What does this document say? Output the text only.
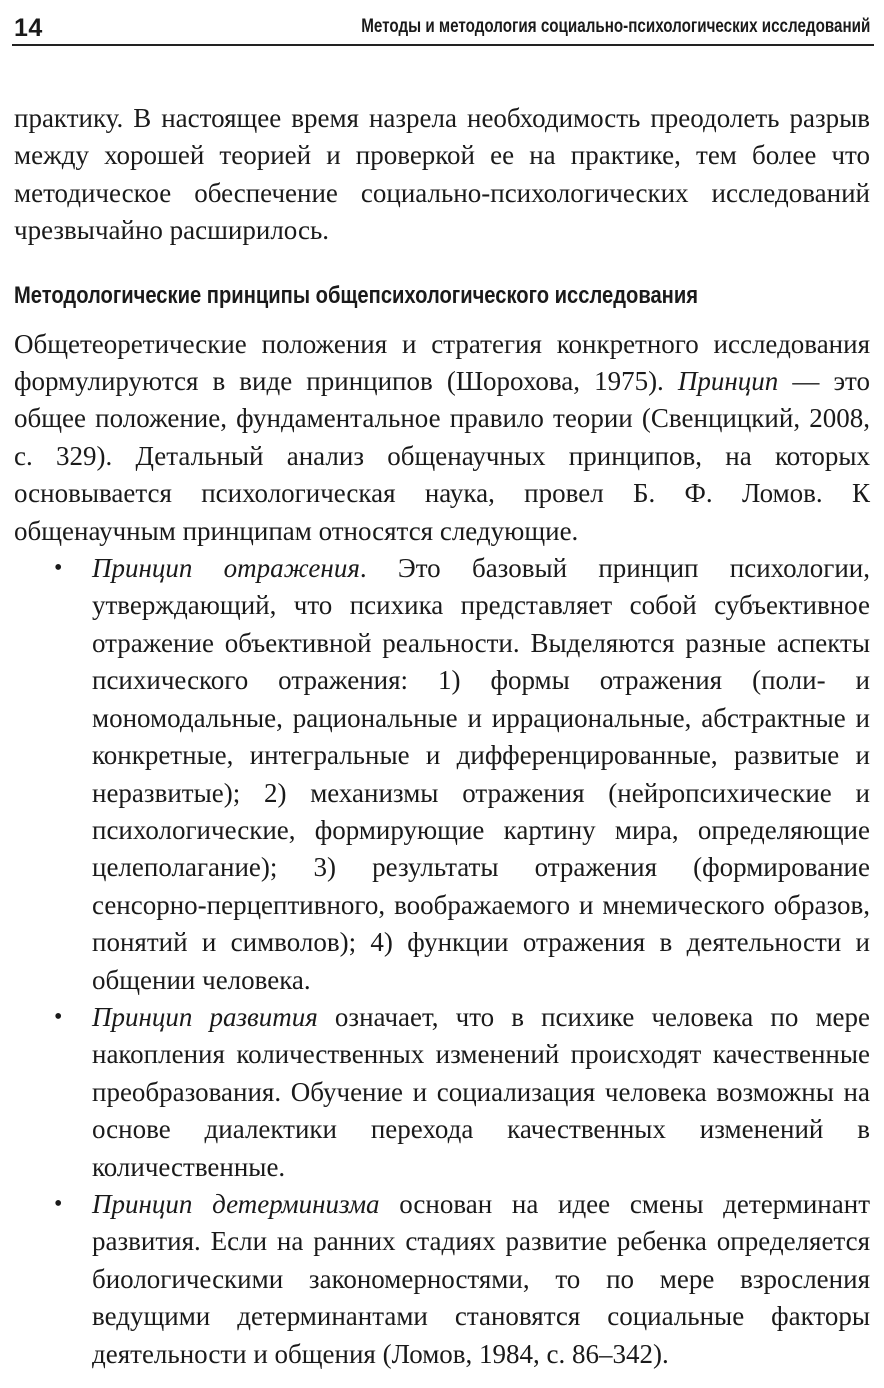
14	Методы и методология социально-психологических исследований

практику. В настоящее время назрела необходимость преодолеть разрыв между хорошей теорией и проверкой ее на практике, тем более что методическое обеспечение социально-психологических исследований чрезвычайно расширилось.

Методологические принципы общепсихологического исследования

Общетеоретические положения и стратегия конкретного исследования формулируются в виде принципов (Шорохова, 1975). Принцип — это общее положение, фундаментальное правило теории (Свенцицкий, 2008, с. 329). Детальный анализ общенаучных принципов, на которых основывается психологическая наука, провел Б. Ф. Ломов. К общенаучным принципам относятся следующие.

• Принцип отражения. Это базовый принцип психологии, утверждающий, что психика представляет собой субъективное отражение объективной реальности. Выделяются разные аспекты психического отражения: 1) формы отражения (поли- и мономодальные, рациональные и иррациональные, абстрактные и конкретные, интегральные и дифференцированные, развитые и неразвитые); 2) механизмы отражения (нейропсихические и психологические, формирующие картину мира, определяющие целеполагание); 3) результаты отражения (формирование сенсорно-перцептивного, воображаемого и мнемического образов, понятий и символов); 4) функции отражения в деятельности и общении человека.
• Принцип развития означает, что в психике человека по мере накопления количественных изменений происходят качественные преобразования. Обучение и социализация человека возможны на основе диалектики перехода качественных изменений в количественные.
• Принцип детерминизма основан на идее смены детерминант развития. Если на ранних стадиях развитие ребенка определяется биологическими закономерностями, то по мере взросления ведущими детерминантами становятся социальные факторы деятельности и общения (Ломов, 1984, с. 86–342).
